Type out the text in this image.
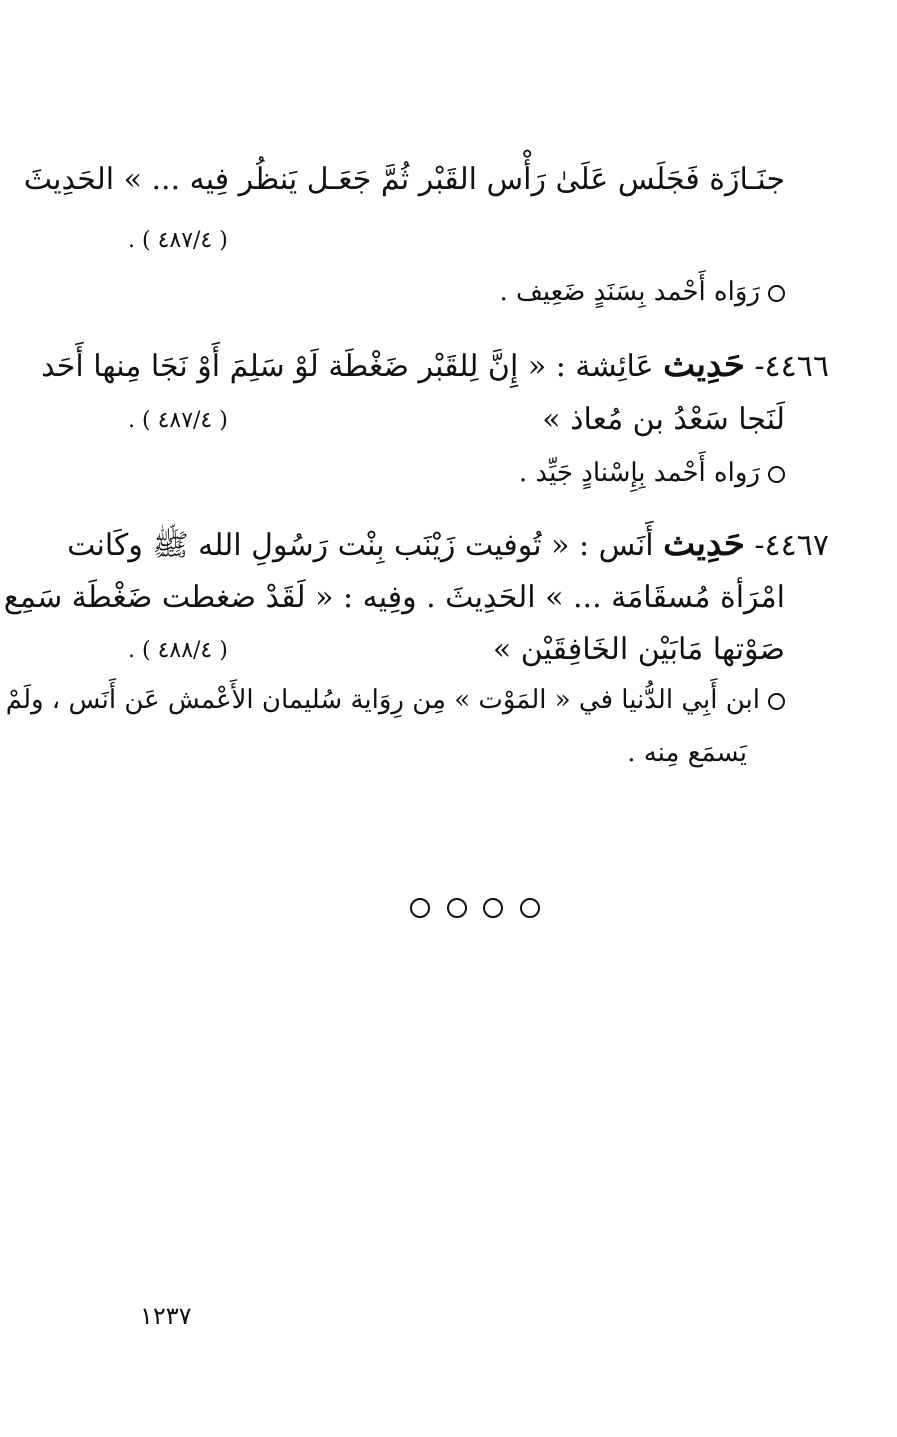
جنَـازَة فَجَلَس عَلَىٰ رَأْس القَبْر ثُمَّ جَعَـل يَنظُر فِيه ... » الحَدِيثَ
. ( ٤٨٧/٤ )
رَوَاه أَحْمد بِسَنَدٍ ضَعِيف .
٤٤٦٦- حَدِيث عَائِشة : « إِنَّ لِلقَبْر ضَغْطَة لَوْ سَلِمَ أَوْ نَجَا مِنها أَحَد
لَنَجا سَعْدُ بن مُعاذ »
. ( ٤٨٧/٤ )
رَواه أَحْمد بِإِسْنادٍ جَيِّد .
٤٤٦٧- حَدِيث أَنَس : « تُوفيت زَيْنَب بِنْت رَسُولِ الله ﷺ وكَانت
امْرَأة مُسقَامَة ... » الحَدِيثَ . وفِيه : « لَقَدْ ضغطت ضَغْطَة سَمِع
صَوْتها مَابَيْن الخَافِقَيْن »
. ( ٤٨٨/٤ )
ابن أَبِي الدُّنيا في « المَوْت » مِن رِوَاية سُليمان الأَعْمش عَن أَنَس ، ولَمْ
يَسمَع مِنه .
١٢٣٧
